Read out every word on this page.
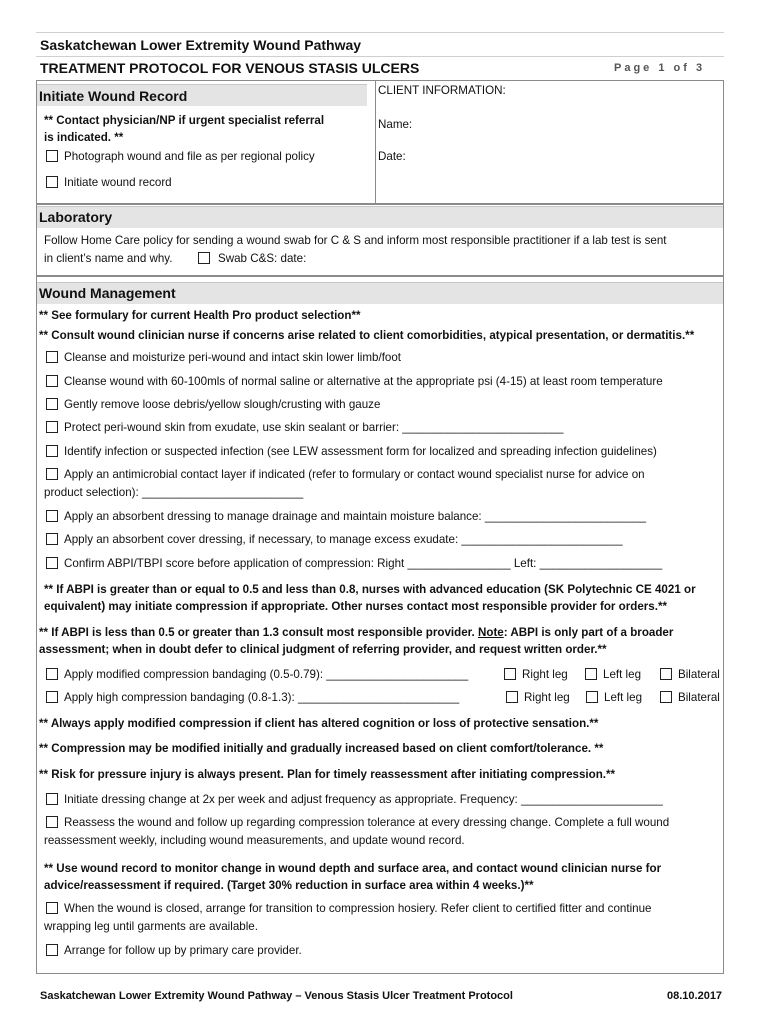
Saskatchewan Lower Extremity Wound Pathway
TREATMENT PROTOCOL FOR VENOUS STASIS ULCERS	Page 1 of 3
Initiate Wound Record
** Contact physician/NP if urgent specialist referral
is indicated. **
Photograph wound and file as per regional policy
Initiate wound record
CLIENT INFORMATION:
Name:
Date:
Laboratory
Follow Home Care policy for sending a wound swab for C & S and inform most responsible practitioner if a lab test is sent
in client’s name and why.	Swab C&S: date:
Wound Management
** See formulary for current Health Pro product selection**
** Consult wound clinician nurse if concerns arise related to client comorbidities, atypical presentation, or dermatitis.**
Cleanse and moisturize peri-wound and intact skin lower limb/foot
Cleanse wound with 60-100mls of normal saline or alternative at the appropriate psi (4-15) at least room temperature
Gently remove loose debris/yellow slough/crusting with gauze
Protect peri-wound skin from exudate, use skin sealant or barrier: _________________________
Identify infection or suspected infection (see LEW assessment form for localized and spreading infection guidelines)
Apply an antimicrobial contact layer if indicated (refer to formulary or contact wound specialist nurse for advice on
product selection): _________________________
Apply an absorbent dressing to manage drainage and maintain moisture balance: _________________________
Apply an absorbent cover dressing, if necessary, to manage excess exudate: _________________________
Confirm ABPI/TBPI score before application of compression: Right ________________ Left: ___________________
** If ABPI is greater than or equal to 0.5 and less than 0.8, nurses with advanced education (SK Polytechnic CE 4021 or
equivalent) may initiate compression if appropriate. Other nurses contact most responsible provider for orders.**
** If ABPI is less than 0.5 or greater than 1.3 consult most responsible provider. Note: ABPI is only part of a broader
assessment; when in doubt defer to clinical judgment of referring provider, and request written order.**
Apply modified compression bandaging (0.5-0.79): ______________________	Right leg	Left leg	Bilateral
Apply high compression bandaging (0.8-1.3): _________________________	Right leg	Left leg	Bilateral
** Always apply modified compression if client has altered cognition or loss of protective sensation.**
** Compression may be modified initially and gradually increased based on client comfort/tolerance. **
** Risk for pressure injury is always present. Plan for timely reassessment after initiating compression.**
Initiate dressing change at 2x per week and adjust frequency as appropriate. Frequency: ______________________
Reassess the wound and follow up regarding compression tolerance at every dressing change. Complete a full wound
reassessment weekly, including wound measurements, and update wound record.
** Use wound record to monitor change in wound depth and surface area, and contact wound clinician nurse for
advice/reassessment if required. (Target 30% reduction in surface area within 4 weeks.)**
When the wound is closed, arrange for transition to compression hosiery. Refer client to certified fitter and continue
wrapping leg until garments are available.
Arrange for follow up by primary care provider.
Saskatchewan Lower Extremity Wound Pathway – Venous Stasis Ulcer Treatment Protocol	08.10.2017
